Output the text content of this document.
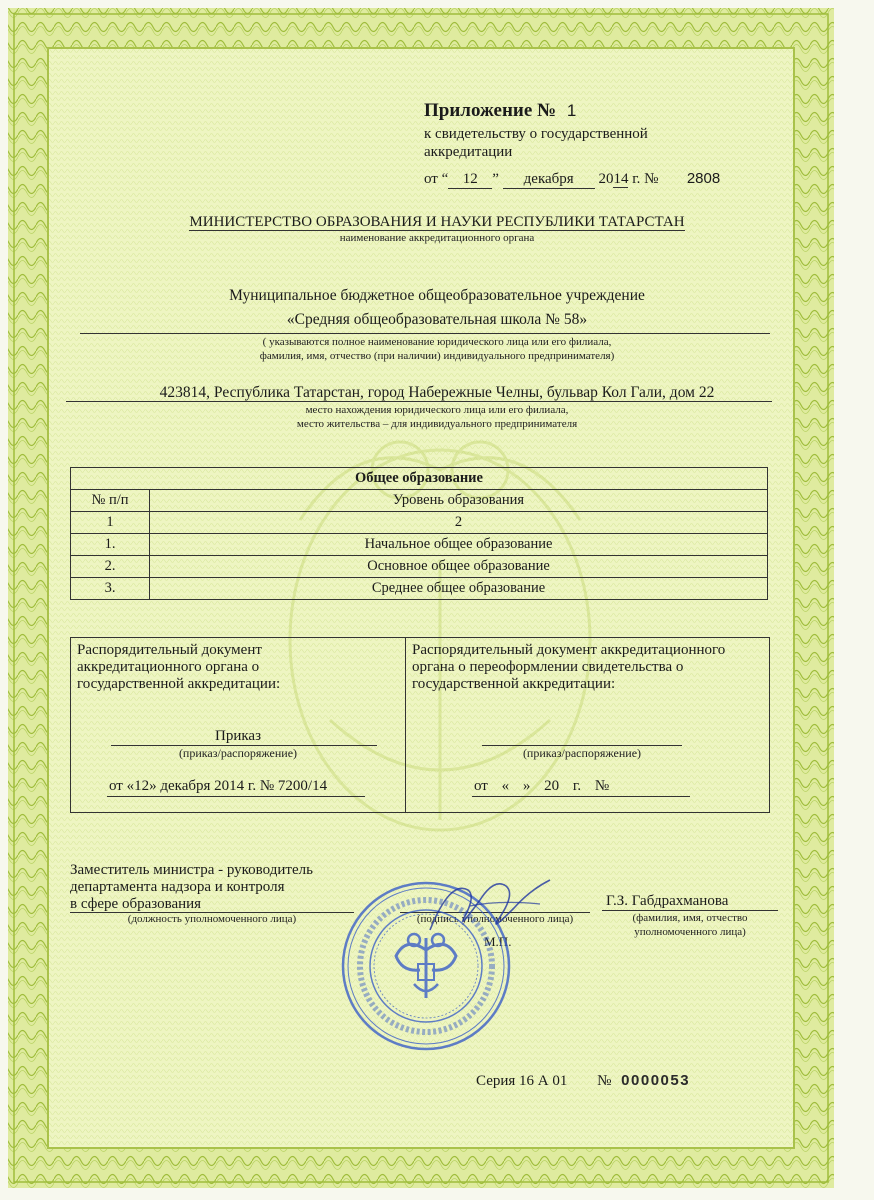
Приложение № 1
к свидетельству о государственной
аккредитации
от “ 12 ” декабря 2014 г. № 2808
МИНИСТЕРСТВО ОБРАЗОВАНИЯ И НАУКИ РЕСПУБЛИКИ ТАТАРСТАН
наименование аккредитационного органа
Муниципальное бюджетное общеобразовательное учреждение
«Средняя общеобразовательная школа № 58»
( указываются полное наименование юридического лица или его филиала,
фамилия, имя, отчество (при наличии) индивидуального предпринимателя)
423814, Республика Татарстан, город Набережные Челны, бульвар Кол Гали, дом 22
место нахождения юридического лица или его филиала,
место жительства – для индивидуального предпринимателя
Общее образование	
№ п/п	Уровень образования
1	2
1.	Начальное общее образование
2.	Основное общее образование
3.	Среднее общее образование
Распорядительный документ аккредитационного органа о государственной аккредитации:
Приказ
(приказ/распоряжение)
от «12» декабря 2014 г. № 7200/14
Распорядительный документ аккредитационного органа о переоформлении свидетельства о государственной аккредитации:
(приказ/распоряжение)
от « » 20 г. №
Заместитель министра - руководитель
департамента надзора и контроля
в сфере образования
(должность уполномоченного лица)	(подпись уполномоченного лица)
М.П.
Г.З. Габдрахманова
(фамилия, имя, отчество
уполномоченного лица)
Серия 16 А 01 № 0000053
